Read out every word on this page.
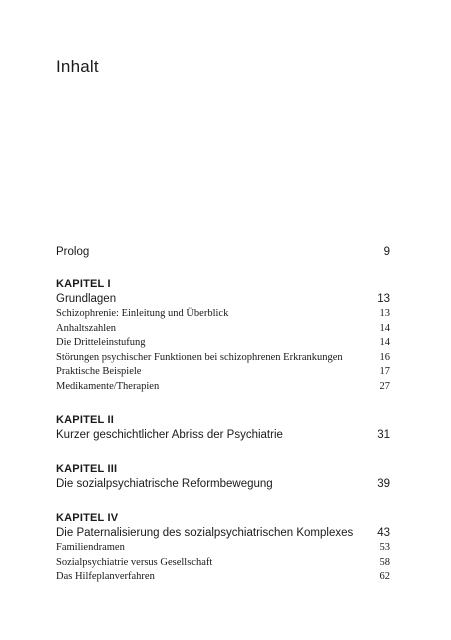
Inhalt
Prolog	9
KAPITEL I
Grundlagen	13
Schizophrenie: Einleitung und Überblick	13
Anhaltszahlen	14
Die Dritteleinstufung	14
Störungen psychischer Funktionen bei schizophrenen Erkrankungen	16
Praktische Beispiele	17
Medikamente/Therapien	27
KAPITEL II
Kurzer geschichtlicher Abriss der Psychiatrie	31
KAPITEL III
Die sozialpsychiatrische Reformbewegung	39
KAPITEL IV
Die Paternalisierung des sozialpsychiatrischen Komplexes	43
Familiendramen	53
Sozialpsychiatrie versus Gesellschaft	58
Das Hilfeplanverfahren	62
